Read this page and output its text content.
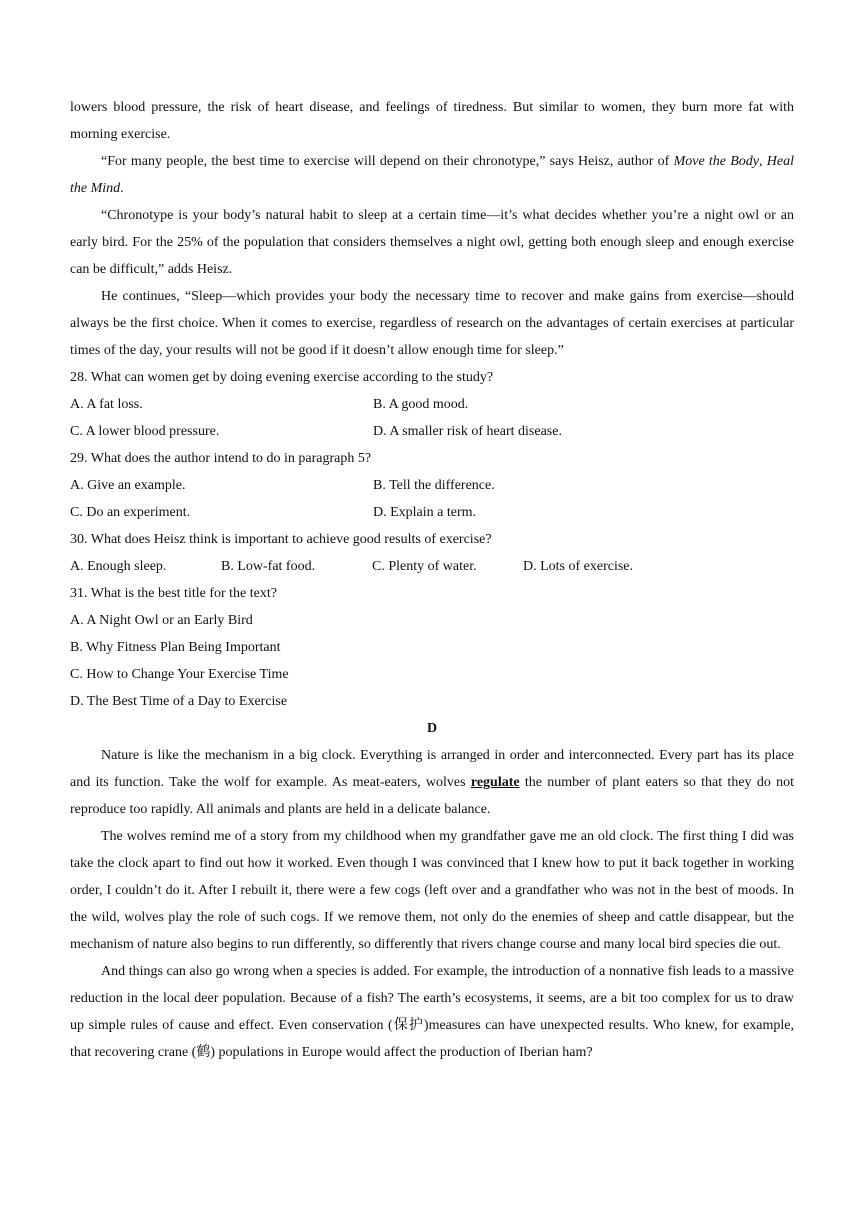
lowers blood pressure, the risk of heart disease, and feelings of tiredness. But similar to women, they burn more fat with morning exercise.

“For many people, the best time to exercise will depend on their chronotype,” says Heisz, author of Move the Body, Heal the Mind.

“Chronotype is your body’s natural habit to sleep at a certain time—it’s what decides whether you’re a night owl or an early bird. For the 25% of the population that considers themselves a night owl, getting both enough sleep and enough exercise can be difficult,” adds Heisz.

He continues, “Sleep—which provides your body the necessary time to recover and make gains from exercise—should always be the first choice. When it comes to exercise, regardless of research on the advantages of certain exercises at particular times of the day, your results will not be good if it doesn’t allow enough time for sleep.”

28. What can women get by doing evening exercise according to the study?
A. A fat loss.	B. A good mood.
C. A lower blood pressure.	D. A smaller risk of heart disease.
29. What does the author intend to do in paragraph 5?
A. Give an example.	B. Tell the difference.
C. Do an experiment.	D. Explain a term.
30. What does Heisz think is important to achieve good results of exercise?
A. Enough sleep.	B. Low-fat food.	C. Plenty of water.	D. Lots of exercise.
31. What is the best title for the text?
A. A Night Owl or an Early Bird
B. Why Fitness Plan Being Important
C. How to Change Your Exercise Time
D. The Best Time of a Day to Exercise
D

Nature is like the mechanism in a big clock. Everything is arranged in order and interconnected. Every part has its place and its function. Take the wolf for example. As meat-eaters, wolves regulate the number of plant eaters so that they do not reproduce too rapidly. All animals and plants are held in a delicate balance.

The wolves remind me of a story from my childhood when my grandfather gave me an old clock. The first thing I did was take the clock apart to find out how it worked. Even though I was convinced that I knew how to put it back together in working order, I couldn’t do it. After I rebuilt it, there were a few cogs (left over and a grandfather who was not in the best of moods. In the wild, wolves play the role of such cogs. If we remove them, not only do the enemies of sheep and cattle disappear, but the mechanism of nature also begins to run differently, so differently that rivers change course and many local bird species die out.

And things can also go wrong when a species is added. For example, the introduction of a nonnative fish leads to a massive reduction in the local deer population. Because of a fish? The earth’s ecosystems, it seems, are a bit too complex for us to draw up simple rules of cause and effect. Even conservation (保护)measures can have unexpected results. Who knew, for example, that recovering crane (鹤) populations in Europe would affect the production of Iberian ham?
